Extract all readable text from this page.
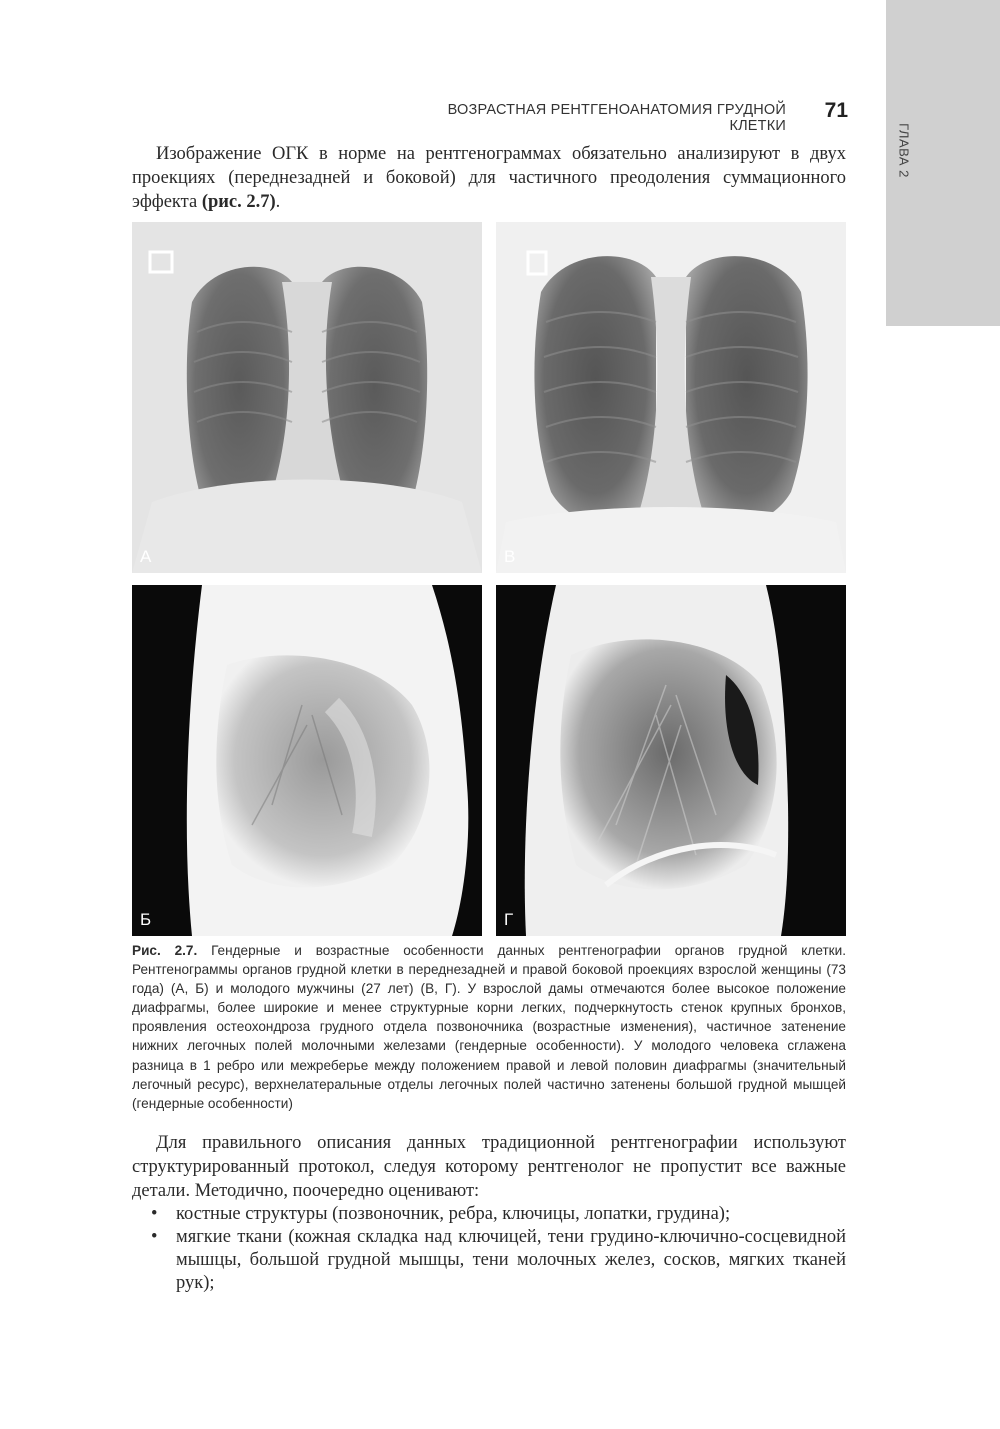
ГЛАВА 2
ВОЗРАСТНАЯ РЕНТГЕНОАНАТОМИЯ ГРУДНОЙ КЛЕТКИ
71

Изображение ОГК в норме на рентгенограммах обязательно анализируют в двух проекциях (переднезадней и боковой) для частичного преодоления суммационного эффекта (рис. 2.7).

А	В
Б	Г
Рис. 2.7. Гендерные и возрастные особенности данных рентгенографии органов грудной клетки. Рентгенограммы органов грудной клетки в переднезадней и правой боковой проекциях взрослой женщины (73 года) (А, Б) и молодого мужчины (27 лет) (В, Г). У взрослой дамы отмечаются более высокое положение диафрагмы, более широкие и менее структурные корни легких, подчеркнутость стенок крупных бронхов, проявления остеохондроза грудного отдела позвоночника (возрастные изменения), частичное затенение нижних легочных полей молочными железами (гендерные особенности). У молодого человека сглажена разница в 1 ребро или межреберье между положением правой и левой половин диафрагмы (значительный легочный ресурс), верхнелатеральные отделы легочных полей частично затенены большой грудной мышцей (гендерные особенности)

Для правильного описания данных традиционной рентгенографии используют структурированный протокол, следуя которому рентгенолог не пропустит все важные детали. Методично, поочередно оценивают:

• костные структуры (позвоночник, ребра, ключицы, лопатки, грудина);
• мягкие ткани (кожная складка над ключицей, тени грудино-ключично-сосцевидной мышцы, большой грудной мышцы, тени молочных желез, сосков, мягких тканей рук);
